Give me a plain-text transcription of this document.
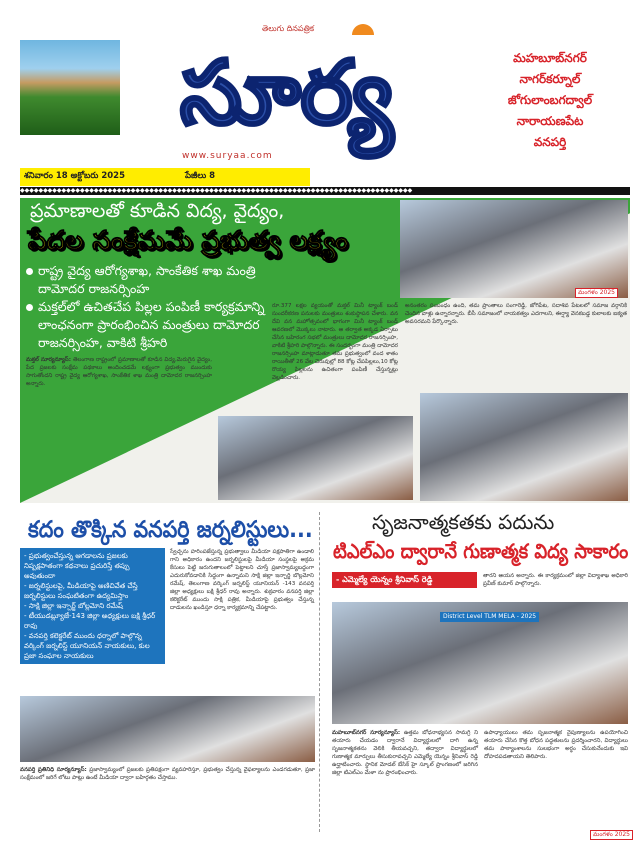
సూర్య
తెలుగు దినపత్రిక
www.suryaa.com
మహబూబ్‌నగర్
నాగర్‌కర్నూల్
జోగులాంబగద్వాల్
నారాయణపేట
వనపర్తి
శనివారం 18 అక్టోబరు 2025	పేజీలు 8
◆◆◆◆◆◆◆◆◆◆◆◆◆◆◆◆◆◆◆◆◆◆◆◆◆◆◆◆◆◆◆◆◆◆◆◆◆◆◆◆◆◆◆◆◆◆◆◆◆◆◆◆◆◆◆◆◆◆◆◆◆◆◆◆◆◆◆◆◆◆◆◆◆◆◆◆◆◆◆◆◆◆◆◆◆
ప్రమాణాలతో కూడిన విద్య, వైద్యం,
పేదల సంక్షేమమే ప్రభుత్వ లక్ష్యం
రాష్ట్ర వైద్య ఆరోగ్యశాఖ, సాంకేతిక శాఖ మంత్రి దామోదర రాజనర్సింహ
మక్తల్‌లో ఉచితచేప పిల్లల పంపిణీ కార్యక్రమాన్ని లాంఛనంగా ప్రారంభించిన మంత్రులు దామోదర రాజనర్సింహ, వాకిటి శ్రీహరి
మక్తల్ సూర్యన్యూస్: తెలంగాణ రాష్ట్రంలో ప్రమాణాలతో కూడిన విద్య,మెరుగైన వైద్యం, పేద ప్రజలకు సంక్షేమ పథకాలు అందించడమే లక్ష్యంగా ప్రభుత్వం ముందుకు సాగుతోందని రాష్ట్ర వైద్య ఆరోగ్యశాఖ, సాంకేతిక శాఖ మంత్రి దామోదర రాజనర్సింహ అన్నారు.
మంగళం 2025
రూ.377 లక్షల వ్యయంతో మక్తల్ మినీ ట్యాంక్ బండ్ సుందరీకరణ పనులకు మంత్రులు శంకుస్థాపన చేశారు. వన దేవి వన మహోత్సవంలో భాగంగా మినీ ట్యాంక్ బండ్ ఆవరణలో మొక్కలు నాటారు. ఆ తర్వాత అక్కడ ఏర్పాటు చేసిన బహిరంగ సభలో మంత్రులు దామోదర రాజనర్సింహ, వాకిటి శ్రీహరి పాల్గొన్నారు. ఈ సందర్భంగా మంత్రి దామోదర రాజనర్సింహ మాట్లాడుతూ తమ ప్రభుత్వంలో వంద శాతం రాయితీతో 26 వేల చెరువుల్లో 88 కోట్ల చేపపిల్లలు,10 కోట్ల రొయ్య పిల్లలను ఉచితంగా పంపిణీ చేస్తున్నట్లు వెల్లడించారు.
అనంతరం సంబంధం ఉంది, తమ ప్రాంతాలు సంగారెడ్డి, జోగిపేట, సదాశివ పేటలలో సమాజ వర్గానికి చెందిన వాళ్లు ఉన్నారన్నారు. బీసీ సమాజంలో నాయకత్వం ఎదగాలని, ఈర్ష్యా వెనకబడ్డ కులాలకు ఐక్యత అవసరమని పేర్కొన్నారు.
కదం తొక్కిన వనపర్తి జర్నలిస్టులు...
- ప్రభుత్వంచేస్తున్న ఆగడాలను ప్రజలకు నిష్పక్షపాతంగా కథనాలు ప్రచురిస్తే తప్పు అవుతుందా
- జర్నలిస్టులపై, మీడియాపై అణిచివేత చేస్తే జర్నలిస్టులు సంఘటితంగా ఉద్యమిస్తాం
- సాక్షి జిల్లా ఇన్చార్జ్ బోల్లమోని రమేష్
- టీయుడబ్ల్యూజే-143 జిల్లా అధ్యక్షులు బక్షి శ్రీధర్ రావు
- వనపర్తి కలెక్టరేట్ ముందు ధర్నాలో పాల్గొన్న వర్కింగ్ జర్నలిస్ట్ యూనియన్ నాయకులు, కుల ప్రజా సంఘాల నాయకులు
స్వేచ్ఛను హరింపజేస్తున్న ప్రభుత్వాలు మీడియా పక్షపాతిగా ఉండాలి గాని అధికారం ఉందని జర్నలిస్టులపై మీడియా సంస్థలపై అక్రమ కేసులు పెట్టి జరుగుతాలంలో పెట్టాలని చూస్తే ప్రజాస్వామ్యబద్ధంగా ఎదురుకోవడానికి సిద్ధంగా ఉన్నామని సాక్షి జిల్లా ఇన్చార్జి బొల్లమోని రమేష్, తెలంగాణ వర్కింగ్ జర్నలిస్ట్ యూనియన్ -143 వనపర్తి జిల్లా అధ్యక్షులు బక్షి శ్రీధర్ రావు అన్నారు. శుక్రవారం వనపర్తి జిల్లా కలెక్టరేట్ ముందు సాక్షి పత్రిక, మీడియాపై ప్రభుత్వం చేస్తున్న దాడులను ఖండిస్తూ ధర్నా కార్యక్రమాన్ని చేపట్టారు.
వనపర్తి ప్రతినిధి సూర్యన్యూస్: ప్రజాస్వామ్యంలో ప్రజలకు ప్రతిపక్షంగా వ్యవహరిస్తూ, ప్రభుత్వం చేస్తున్న వైఫల్యాలను ఎండగడుతూ, ప్రజా సంక్షేమంలో జరిగే లోటు పాట్లు ఉంటే మీడియా ద్వారా బహిర్గతం చేస్తాము.
సృజనాత్మకతకు పదును
టిఎల్ఎం ద్వారానే గుణాత్మక విద్య సాకారం
- ఎమ్మెల్యే యెన్నం శ్రీనివాస్ రెడ్డి	తారని ఆయన అన్నారు. ఈ కార్యక్రమంలో జిల్లా విద్యాశాఖ అధికారి ప్రవీణ్ కుమార్ పాల్గొన్నారు.
District Level TLM MELA - 2025
మహబూబ్‌నగర్ సూర్యన్యూస్: ఉత్తమ బోధనాభ్యసన సామగ్రి ని తయారు చేయడం ద్వారానే విద్యార్థులలో దాగి ఉన్న సృజనాత్మకతను వెలికి తీయవచ్చని, తద్వారా విద్యార్థులలో గుణాత్మక మార్పులు తీసుకురావచ్చని ఎమ్మెల్యే యెన్నం శ్రీనివాస్ రెడ్డి ఉద్ఘాటించారు. స్థానిక మోడల్ బేసిక్ హై స్కూల్ ప్రాంగణంలో జరిగిన జిల్లా టిఎల్ఎం మేళా ను ప్రారంభించారు.
ఉపాధ్యాయులు తమ సృజనాత్మక నైపుణ్యాలను ఉపయోగించి తయారు చేసిన కొత్త బోధన పద్ధతులను ప్రదర్శించారని, విద్యార్థులు తమ పాఠ్యాంశాలను సులభంగా అర్థం చేసుకునేందుకు ఇవి దోహదపడతాయని తెలిపారు.
మంగళం 2025
